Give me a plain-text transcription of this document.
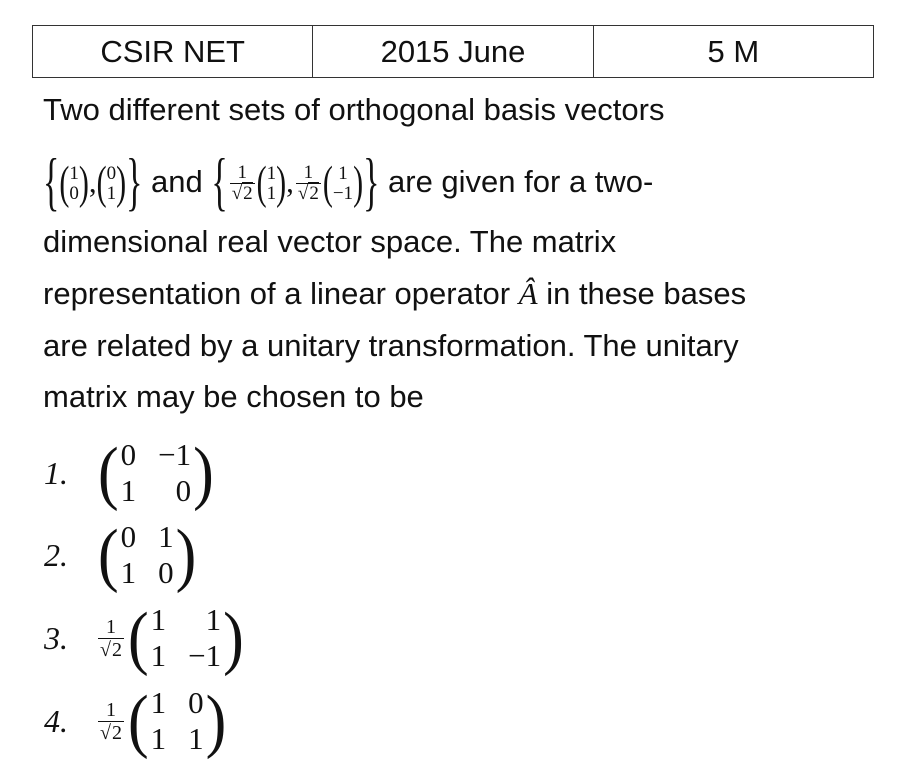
CSIR NET	2015 June	5 M
Two different sets of orthogonal basis vectors
{( 1
0 ),( 0
1 )} and { $\frac{1}{√2}$ ( 1
1 ), $\frac{1}{√2}$ ( 1
−1 )} are given for a two-
dimensional real vector space. The matrix
representation of a linear operator Â in these bases
are related by a unitary transformation. The unitary
matrix may be chosen to be
1. ( 0 −1
1	0 )
2. ( 0 1
1 0 )
3.	1
√2 ( 1	1
1 −1 )
4.	1
√2 ( 1 0
1 1 )
